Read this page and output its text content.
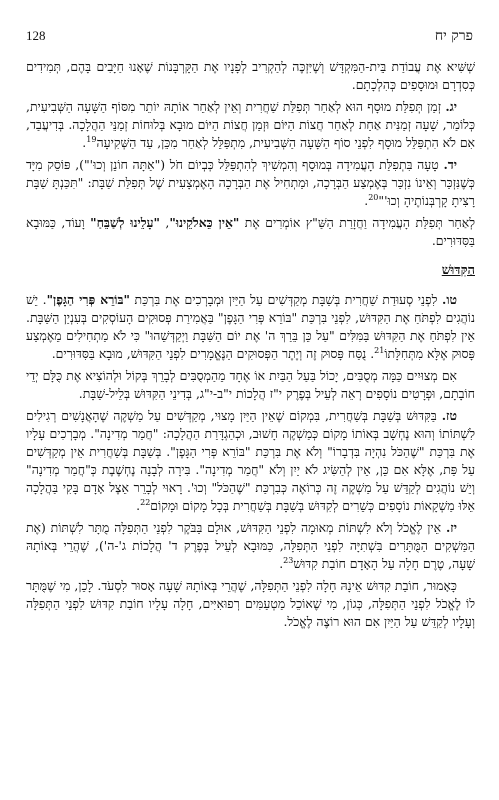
128	פרק יח

שְׁשִּׁיא אֶת עֲבוֹדַת בֵּית-הַמִּקְדָּשׁ וְשֶׁיִּזְכֶּה לְהַקְרִיב לְפָנָיו אֶת הַקָּרְבָּנוֹת שֶׁאָנוּ חַיָּבִים בָּהֶם, תְּמִידִים כְּסִדְרָם וּמוּסָפִים כְּהִלְכָתָם.

יג. זְמַן תְּפִלַּת מוּסָף הוּא לְאַחַר תְּפִלַּת שַׁחֲרִית וְאֵין לְאַחֵר אוֹתָהּ יוֹתֵר מִסּוֹף הַשָּׁעָה הַשְּׁבִיעִית, כְּלוֹמַר, שָׁעָה זְמַנִּית אַחַת לְאַחַר חֲצוֹת הַיּוֹם וּזְמַן חֲצוֹת הַיּוֹם מוּבָא בְּלוּחוֹת זְמַנֵּי הַהֲלָכָה. בְּדִיעֲבַד, אִם לֹא הִתְפַּלֵּל מוּסָף לִפְנֵי סוֹף הַשָּׁעָה הַשְּׁבִיעִית, מִתְפַּלֵּל לְאַחַר מִכֵּן, עַד הַשְּׁקִיעָה$^{19}$.

יד. טָעָה בִּתְפִלַּת הָעֲמִידָה בְּמוּסָף וְהִמְשִׁיךְ לְהִתְפַּלֵּל כְּבְיוֹם חֹל ("אַתָּה חוֹנֵן וְכוּ'"), פּוֹסֵק מִיָּד כְּשֶׁנִּזְכַּר וְאֵינוֹ נִזְכַּר בְּאֶמְצַע הַבְּרָכָה, וּמַתְחִיל אֶת הַבְּרָכָה הָאֶמְצָעִית שֶׁל תְּפִלַּת שַׁבָּת: "תִּכַּנְתָּ שַׁבָּת רָצִיתָ קָרְבְּנוֹתֶיהָ וְכוּ'"$^{20}$.

לְאַחַר תְּפִלַּת הָעֲמִידָה וַחֲזָרַת הַשַּׁ"ץ אוֹמְרִים אֶת "אֵין כֵּאלֹקֵינוּ", "עָלֵינוּ לְשַׁבֵּחַ" וָעוֹד, כַּמּוּבָא בַּסִּדּוּרִים.

הַקִּדּוּשׁ

טו. לִפְנֵי סְעוּדַת שַׁחֲרִית בְּשַׁבָּת מְקַדְּשִׁים עַל הַיַּיִן וּמְבָרְכִים אֶת בִּרְכַּת "בּוֹרֵא פְּרִי הַגָּפֶן". יֵשׁ נוֹהֲגִים לִפְתֹּחַ אֶת הַקִּדּוּשׁ, לִפְנֵי בִּרְכַּת "בּוֹרֵא פְּרִי הַגָּפֶן" בַּאֲמִירַת פְּסוּקִים הָעוֹסְקִים בְּעִנְיַן הַשַּׁבָּת. אֵין לִפְתֹּחַ אֶת הַקִּדּוּשׁ בַּמִּלִּים "עַל כֵּן בֵּרַךְ ה' אֶת יוֹם הַשַּׁבָּת וַיְקַדְּשֵׁהוּ" כִּי לֹא מַתְחִילִים מֵאֶמְצַע פָּסוּק אֶלָּא מִתְּחִלָּתוֹ$^{21}$. נֻסַּח פָּסוּק זֶה וְיֶתֶר הַפְּסוּקִים הַנֶּאֱמָרִים לִפְנֵי הַקִּדּוּשׁ, מוּבָא בַּסִּדּוּרִים.

אִם מְצוּיִים כַּמָּה מְסֻבִּים, יָכוֹל בַּעַל הַבַּיִת אוֹ אֶחָד מֵהַמְסֻבִּים לְבָרֵךְ בְּקוֹל וּלְהוֹצִיא אֶת כֻּלָּם יְדֵי חוֹבָתָם, וּפְרָטִים נוֹסָפִים רְאֵה לְעֵיל בְּפֶרֶק י"ז הֲלָכוֹת י"ב-י"ג, בְּדִינֵי הַקִּדּוּשׁ בְּלֵיל-שַׁבָּת.

טז. בַּקִּדּוּשׁ בְּשַׁבָּת בְּשַׁחֲרִית, בִּמְקוֹם שֶׁאֵין הַיַּיִן מָצוּי, מְקַדְּשִׁים עַל מַשְׁקֶה שֶׁהָאֲנָשִׁים רְגִילִים לִשְׁתּוֹתוֹ וְהוּא נֶחְשָׁב בְּאוֹתוֹ מָקוֹם כְּמַשְׁקֶה חָשׁוּב, וּכְהַגְדָּרַת הַהֲלָכָה: "חֲמַר מְדִינָה". מְבָרְכִים עָלָיו אֶת בִּרְכַּת "שֶׁהַכֹּל נִהְיָה בִּדְבָרוֹ" וְלֹא אֶת בִּרְכַּת "בּוֹרֵא פְּרִי הַגָּפֶן". בְּשַׁבָּת בְּשַׁחֲרִית אֵין מְקַדְּשִׁים עַל פַּת, אֶלָּא אִם כֵּן, אֵין לְהַשִּׂיג לֹא יַיִן וְלֹא "חֲמַר מְדִינָה". בִּירָה לְבָנָה נֶחְשֶׁבֶת כְּ"חֲמַר מְדִינָה" וְיֵשׁ נוֹהֲגִים לְקַדֵּשׁ עַל מַשְׁקֶה זֶה כְּרוֹאֶה כְּבִרְכַּת "שֶׁהַכֹּל" וְכוּ'. רָאוּי לְבָרֵר אֵצֶל אָדָם בָּקִי בַּהֲלָכָה אֵלּוּ מַשְׁקָאוֹת נוֹסָפִים כְּשֵׁרִים לְקִדּוּשׁ בְּשַׁבָּת בְּשַׁחֲרִית בְּכָל מָקוֹם וּמָקוֹם$^{22}$.

יז. אֵין לֶאֱכֹל וְלֹא לִשְׁתּוֹת מְאוּמָה לִפְנֵי הַקִּדּוּשׁ, אוּלָם בַּבֹּקֶר לִפְנֵי הַתְּפִלָּה מֻתָּר לִשְׁתּוֹת (אֶת הַמַּשְׁקִים הַמֻּתָּרִים בִּשְׁתִיָּה לִפְנֵי הַתְּפִלָּה, כַּמּוּבָא לְעֵיל בְּפֶרֶק ד' הֲלָכוֹת ג'-ה'), שֶׁהֲרֵי בְּאוֹתָהּ שָׁעָה, טֶרֶם חָלָה עַל הָאָדָם חוֹבַת קִדּוּשׁ$^{23}$.

כָּאָמוּר, חוֹבַת קִדּוּשׁ אֵינָהּ חָלָה לִפְנֵי הַתְּפִלָּה, שֶׁהֲרֵי בְּאוֹתָהּ שָׁעָה אָסוּר לִסְעֹד. לָכֵן, מִי שֶׁמֻּתָּר לוֹ לֶאֱכֹל לִפְנֵי הַתְּפִלָּה, כְּגוֹן, מִי שֶׁאוֹכֵל מַטְעַמִּים רְפוּאִיִּים, חָלָה עָלָיו חוֹבַת קִדּוּשׁ לִפְנֵי הַתְּפִלָּה וְעָלָיו לְקַדֵּשׁ עַל הַיַּיִן אִם הוּא רוֹצֶה לֶאֱכֹל.
